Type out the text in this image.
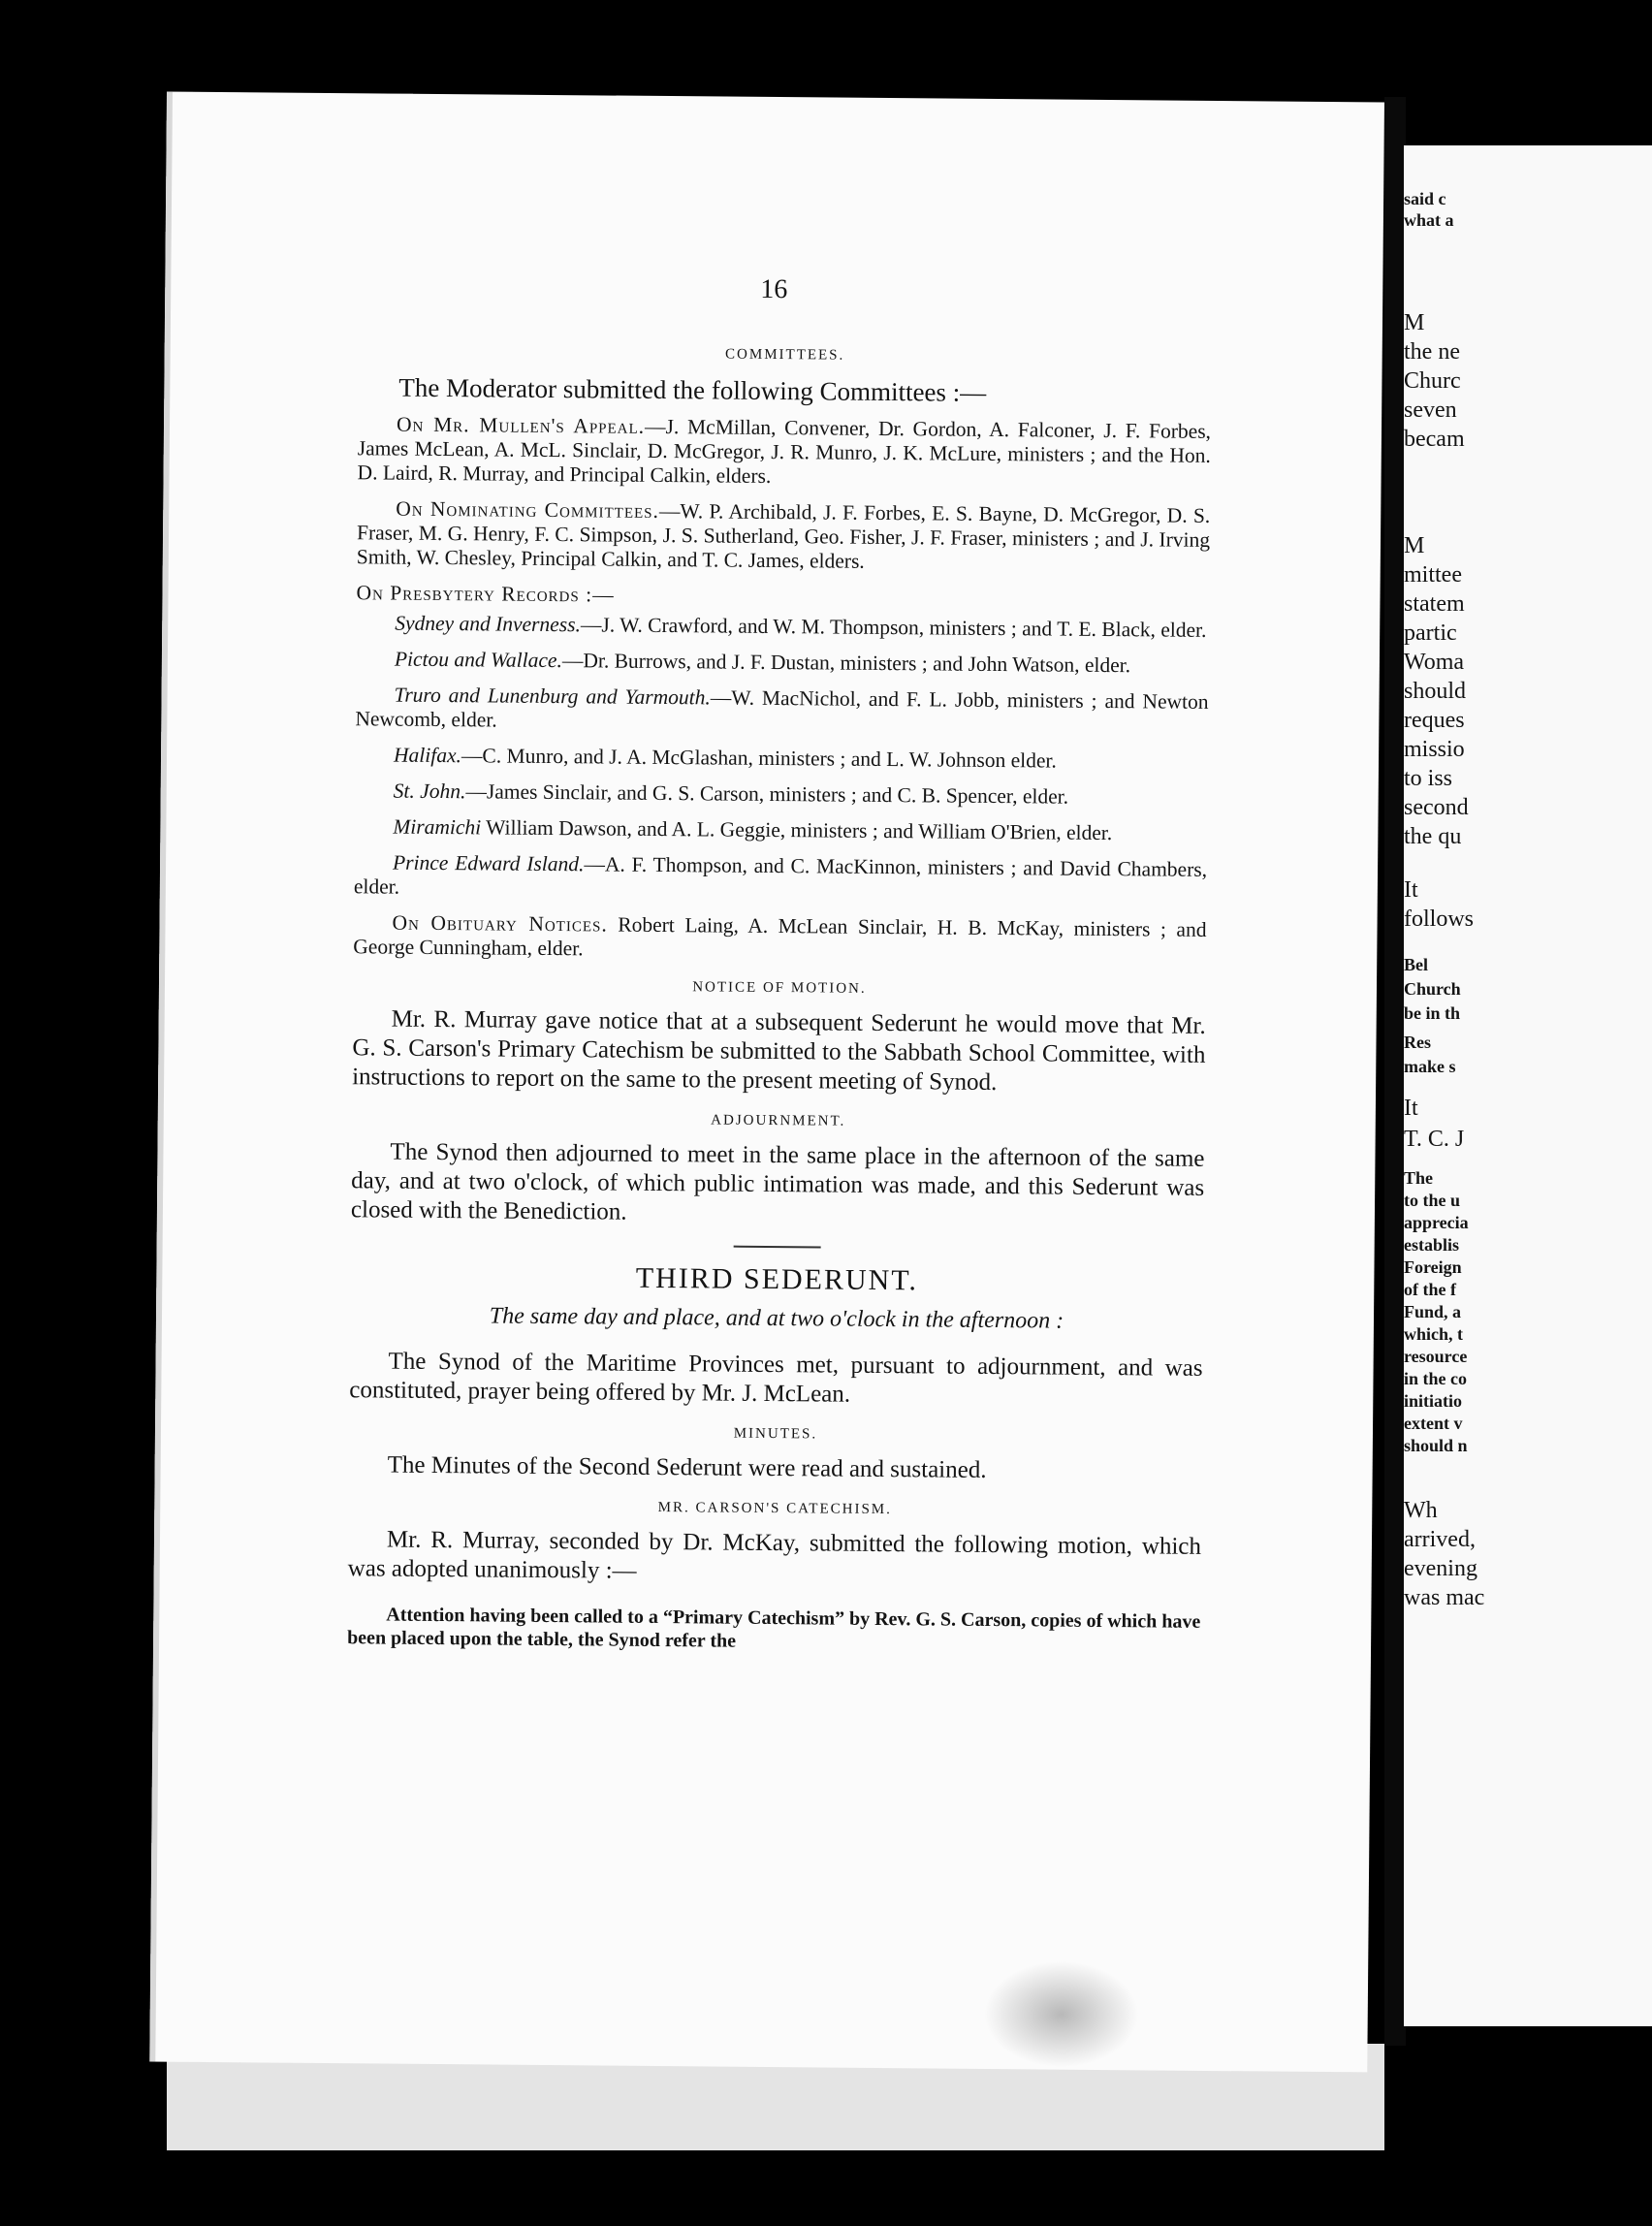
16
COMMITTEES.

The Moderator submitted the following Committees :—

On Mr. Mullen's Appeal.—J. McMillan, Convener, Dr. Gordon, A. Falconer, J. F. Forbes, James McLean, A. McL. Sinclair, D. McGregor, J. R. Munro, J. K. McLure, ministers ; and the Hon. D. Laird, R. Murray, and Principal Calkin, elders.

On Nominating Committees.—W. P. Archibald, J. F. Forbes, E. S. Bayne, D. McGregor, D. S. Fraser, M. G. Henry, F. C. Simpson, J. S. Sutherland, Geo. Fisher, J. F. Fraser, ministers ; and J. Irving Smith, W. Chesley, Principal Calkin, and T. C. James, elders.

On Presbytery Records :—

Sydney and Inverness.—J. W. Crawford, and W. M. Thompson, ministers ; and T. E. Black, elder.

Pictou and Wallace.—Dr. Burrows, and J. F. Dustan, ministers ; and John Watson, elder.

Truro and Lunenburg and Yarmouth.—W. MacNichol, and F. L. Jobb, ministers ; and Newton Newcomb, elder.

Halifax.—C. Munro, and J. A. McGlashan, ministers ; and L. W. Johnson elder.

St. John.—James Sinclair, and G. S. Carson, ministers ; and C. B. Spencer, elder.

Miramichi William Dawson, and A. L. Geggie, ministers ; and William O'Brien, elder.

Prince Edward Island.—A. F. Thompson, and C. MacKinnon, ministers ; and David Chambers, elder.

On Obituary Notices. Robert Laing, A. McLean Sinclair, H. B. McKay, ministers ; and George Cunningham, elder.

NOTICE OF MOTION.

Mr. R. Murray gave notice that at a subsequent Sederunt he would move that Mr. G. S. Carson's Primary Catechism be submitted to the Sabbath School Committee, with instructions to report on the same to the present meeting of Synod.

ADJOURNMENT.

The Synod then adjourned to meet in the same place in the afternoon of the same day, and at two o'clock, of which public intimation was made, and this Sederunt was closed with the Benediction.

THIRD SEDERUNT.
The same day and place, and at two o'clock in the afternoon :

The Synod of the Maritime Provinces met, pursuant to adjournment, and was constituted, prayer being offered by Mr. J. McLean.

MINUTES.

The Minutes of the Second Sederunt were read and sustained.

MR. CARSON'S CATECHISM.

Mr. R. Murray, seconded by Dr. McKay, submitted the following motion, which was adopted unanimously :—

Attention having been called to a “Primary Catechism” by Rev. G. S. Carson, copies of which have been placed upon the table, the Synod refer the

said c
what a
M
the ne
Churc
seven
becam
M
mittee
statem
partic
Woma
should
reques
missio
to iss
second
the qu
It
follows
Bel
Church
be in th
Res
make s
It
T. C. J
The
to the u
apprecia
establis
Foreign
of the f
Fund, a
which, t
resource
in the co
initiatio
extent v
should n
Wh
arrived,
evening
was mac
